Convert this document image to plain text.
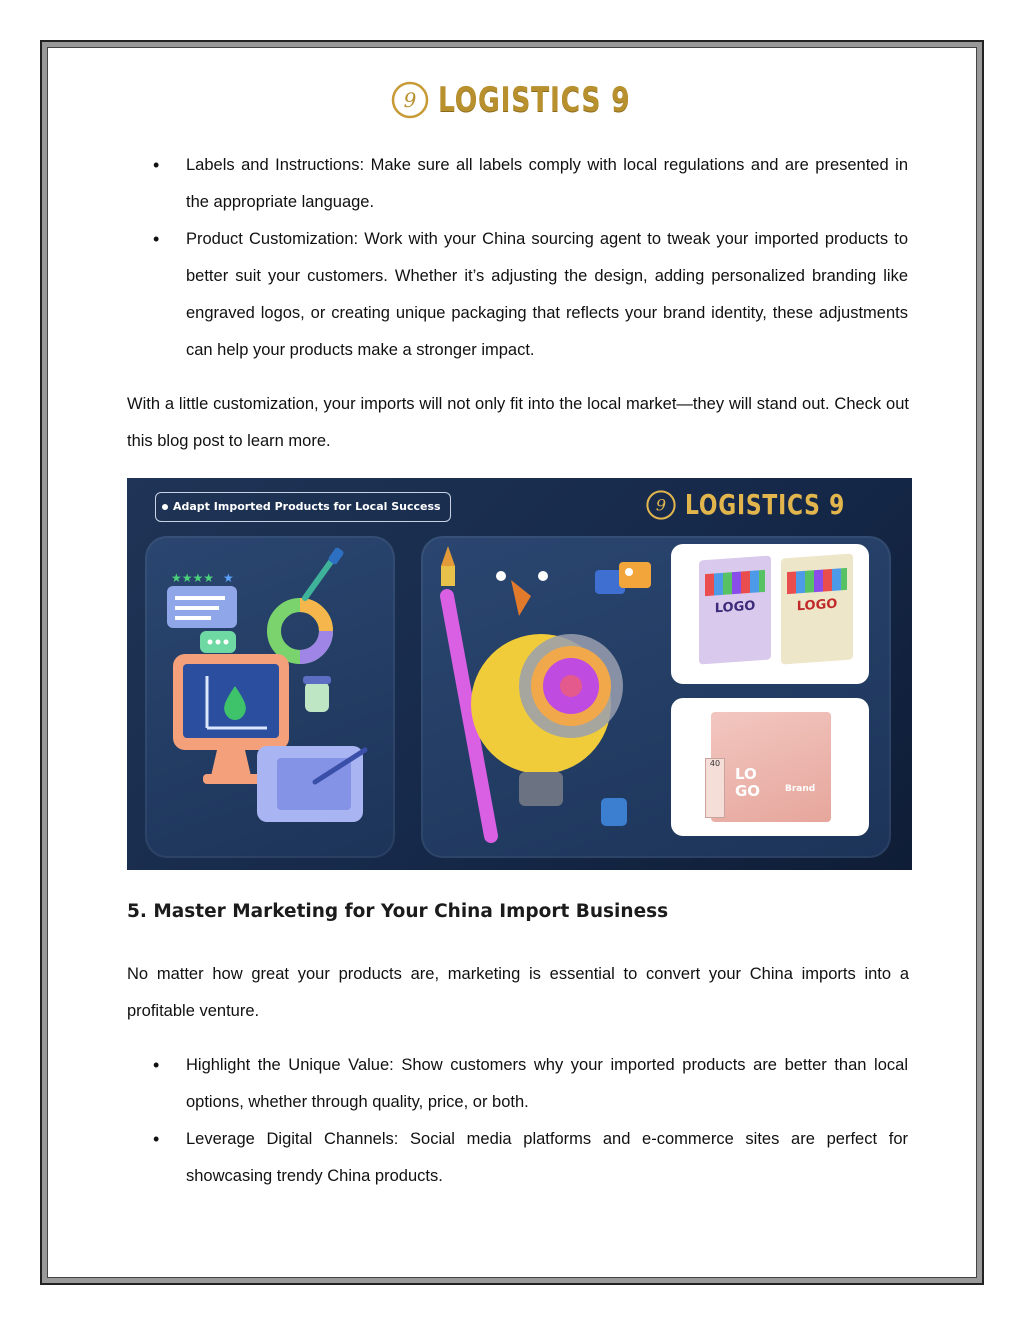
9 LOGISTICS 9
• Labels and Instructions: Make sure all labels comply with local regulations and are presented in the appropriate language.
• Product Customization: Work with your China sourcing agent to tweak your imported products to better suit your customers. Whether it’s adjusting the design, adding personalized branding like engraved logos, or creating unique packaging that reflects your brand identity, these adjustments can help your products make a stronger impact.

With a little customization, your imports will not only fit into the local market—they will stand out. Check out this blog post to learn more.

Adapt Imported Products for Local Success	9 LOGISTICS 9
★★★★ ★
LOGO	LOGO
LO
GO	Brand
40
5. Master Marketing for Your China Import Business

No matter how great your products are, marketing is essential to convert your China imports into a profitable venture.

• Highlight the Unique Value: Show customers why your imported products are better than local options, whether through quality, price, or both.
• Leverage Digital Channels: Social media platforms and e-commerce sites are perfect for showcasing trendy China products.
